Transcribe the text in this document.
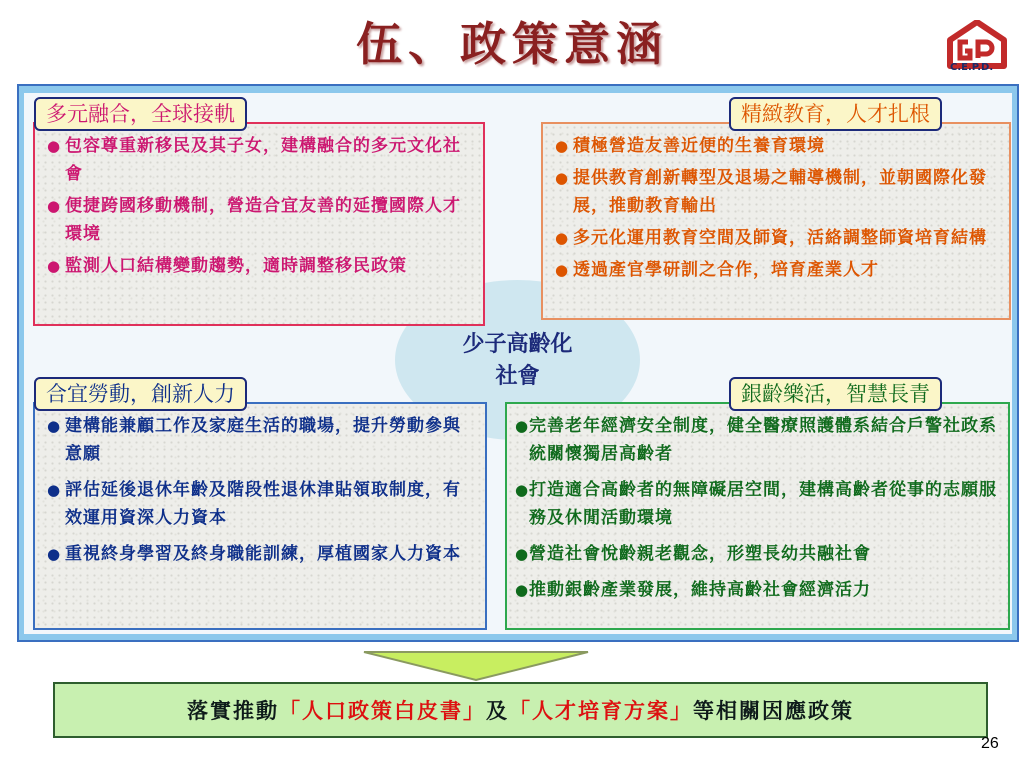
伍、政策意涵	C.E.P.D.
● 包容尊重新移民及其子女，建構融合的多元文化社會
● 便捷跨國移動機制，營造合宜友善的延攬國際人才環境
● 監測人口結構變動趨勢，適時調整移民政策
● 積極營造友善近便的生養育環境
● 提供教育創新轉型及退場之輔導機制，並朝國際化發展，推動教育輸出
● 多元化運用教育空間及師資，活絡調整師資培育結構
● 透過產官學研訓之合作，培育產業人才
● 建構能兼顧工作及家庭生活的職場，提升勞動參與意願
● 評估延後退休年齡及階段性退休津貼領取制度，有效運用資深人力資本
● 重視終身學習及終身職能訓練，厚植國家人力資本
● 完善老年經濟安全制度，健全醫療照護體系結合戶警社政系統關懷獨居高齡者
● 打造適合高齡者的無障礙居空間，建構高齡者從事的志願服務及休閒活動環境
● 營造社會悅齡親老觀念，形塑長幼共融社會
● 推動銀齡產業發展，維持高齡社會經濟活力
少子高齡化
社會
多元融合，全球接軌	精緻教育，人才扎根
合宜勞動，創新人力	銀齡樂活，智慧長青
落實推動 「人口政策白皮書」 及 「人才培育方案」 等相關因應政策
26
